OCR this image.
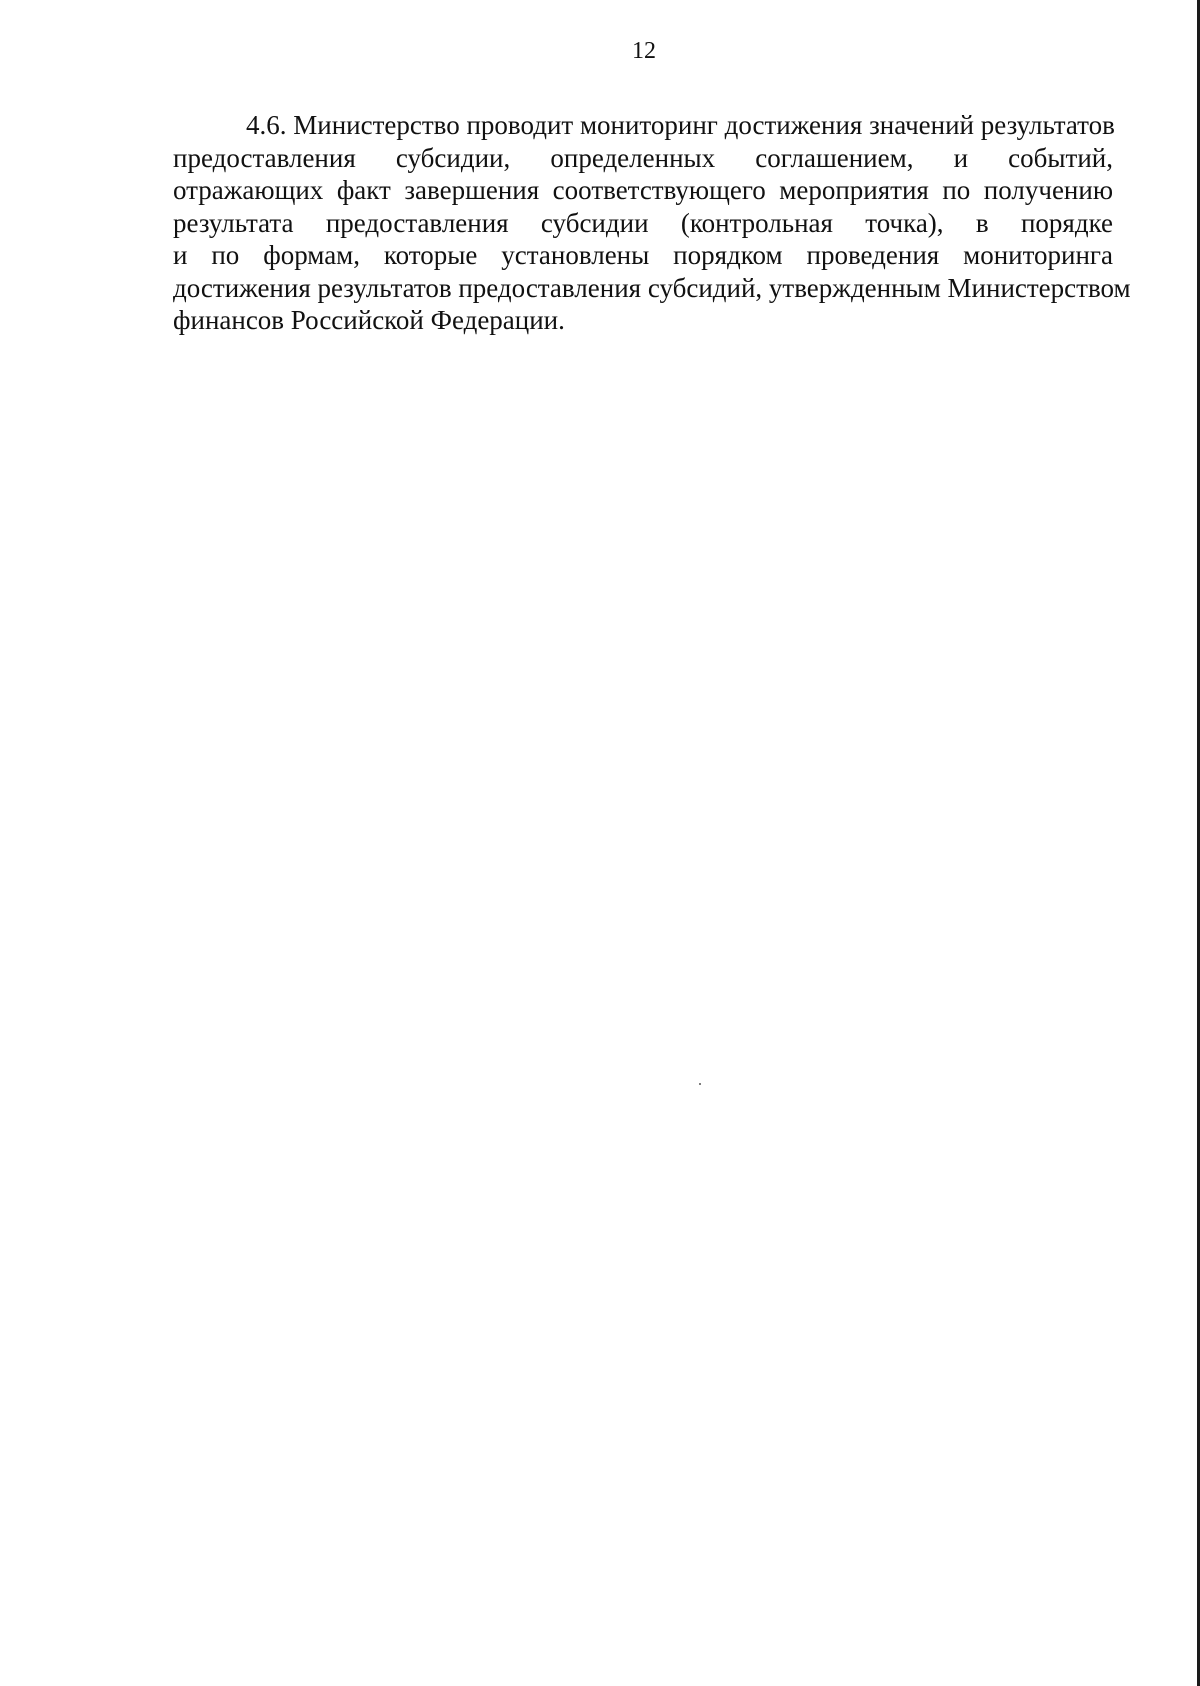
12
4.6. Министерство проводит мониторинг достижения значений результатов
предоставления субсидии, определенных соглашением, и событий,
отражающих факт завершения соответствующего мероприятия по получению
результата предоставления субсидии (контрольная точка), в порядке
и по формам, которые установлены порядком проведения мониторинга
достижения результатов предоставления субсидий, утвержденным Министерством
финансов Российской Федерации.
